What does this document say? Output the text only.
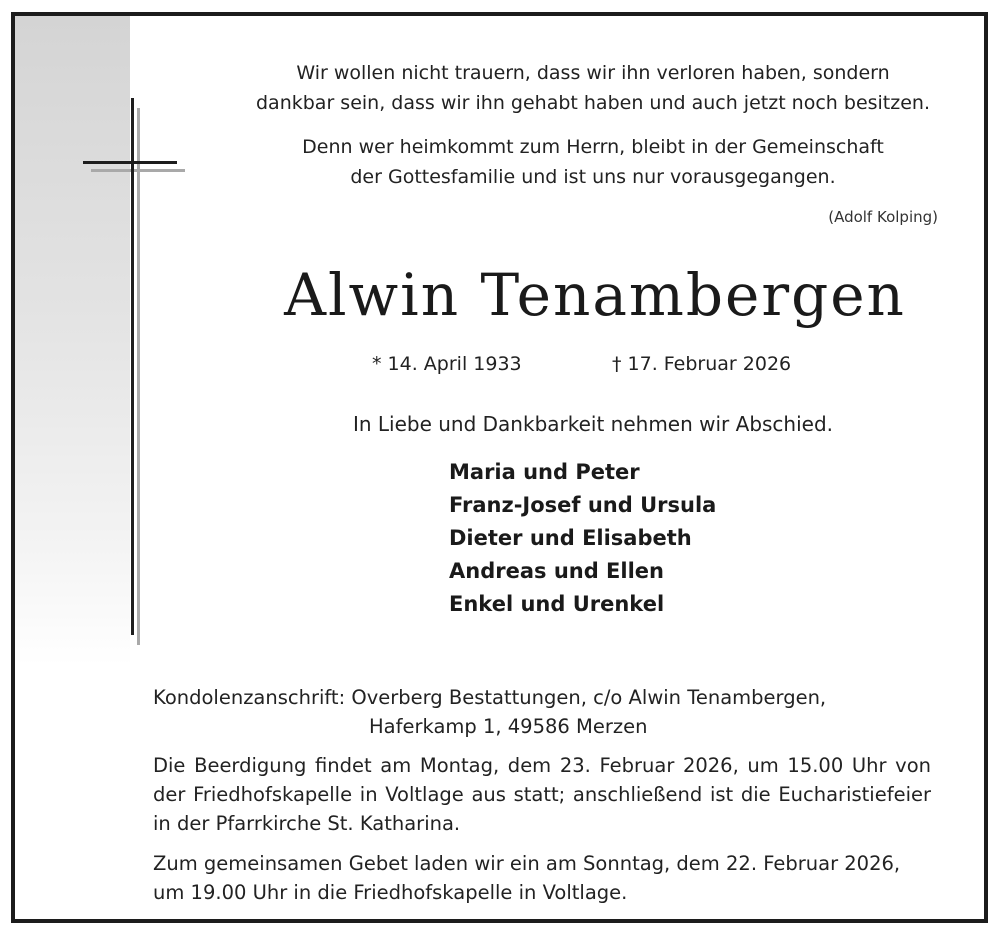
Wir wollen nicht trauern, dass wir ihn verloren haben, sondern
dankbar sein, dass wir ihn gehabt haben und auch jetzt noch besitzen.
Denn wer heimkommt zum Herrn, bleibt in der Gemeinschaft
der Gottesfamilie und ist uns nur vorausgegangen.
(Adolf Kolping)
Alwin Tenambergen
* 14. April 1933	† 17. Februar 2026
In Liebe und Dankbarkeit nehmen wir Abschied.
Maria und Peter
Franz-Josef und Ursula
Dieter und Elisabeth
Andreas und Ellen
Enkel und Urenkel
Kondolenzanschrift: Overberg Bestattungen, c/o Alwin Tenambergen,
Haferkamp 1, 49586 Merzen
Die Beerdigung findet am Montag, dem 23. Februar 2026, um 15.00 Uhr von der Friedhofskapelle in Voltlage aus statt; anschließend ist die Eucharistiefeier in der Pfarrkirche St. Katharina.
Zum gemeinsamen Gebet laden wir ein am Sonntag, dem 22. Februar 2026,
um 19.00 Uhr in die Friedhofskapelle in Voltlage.
